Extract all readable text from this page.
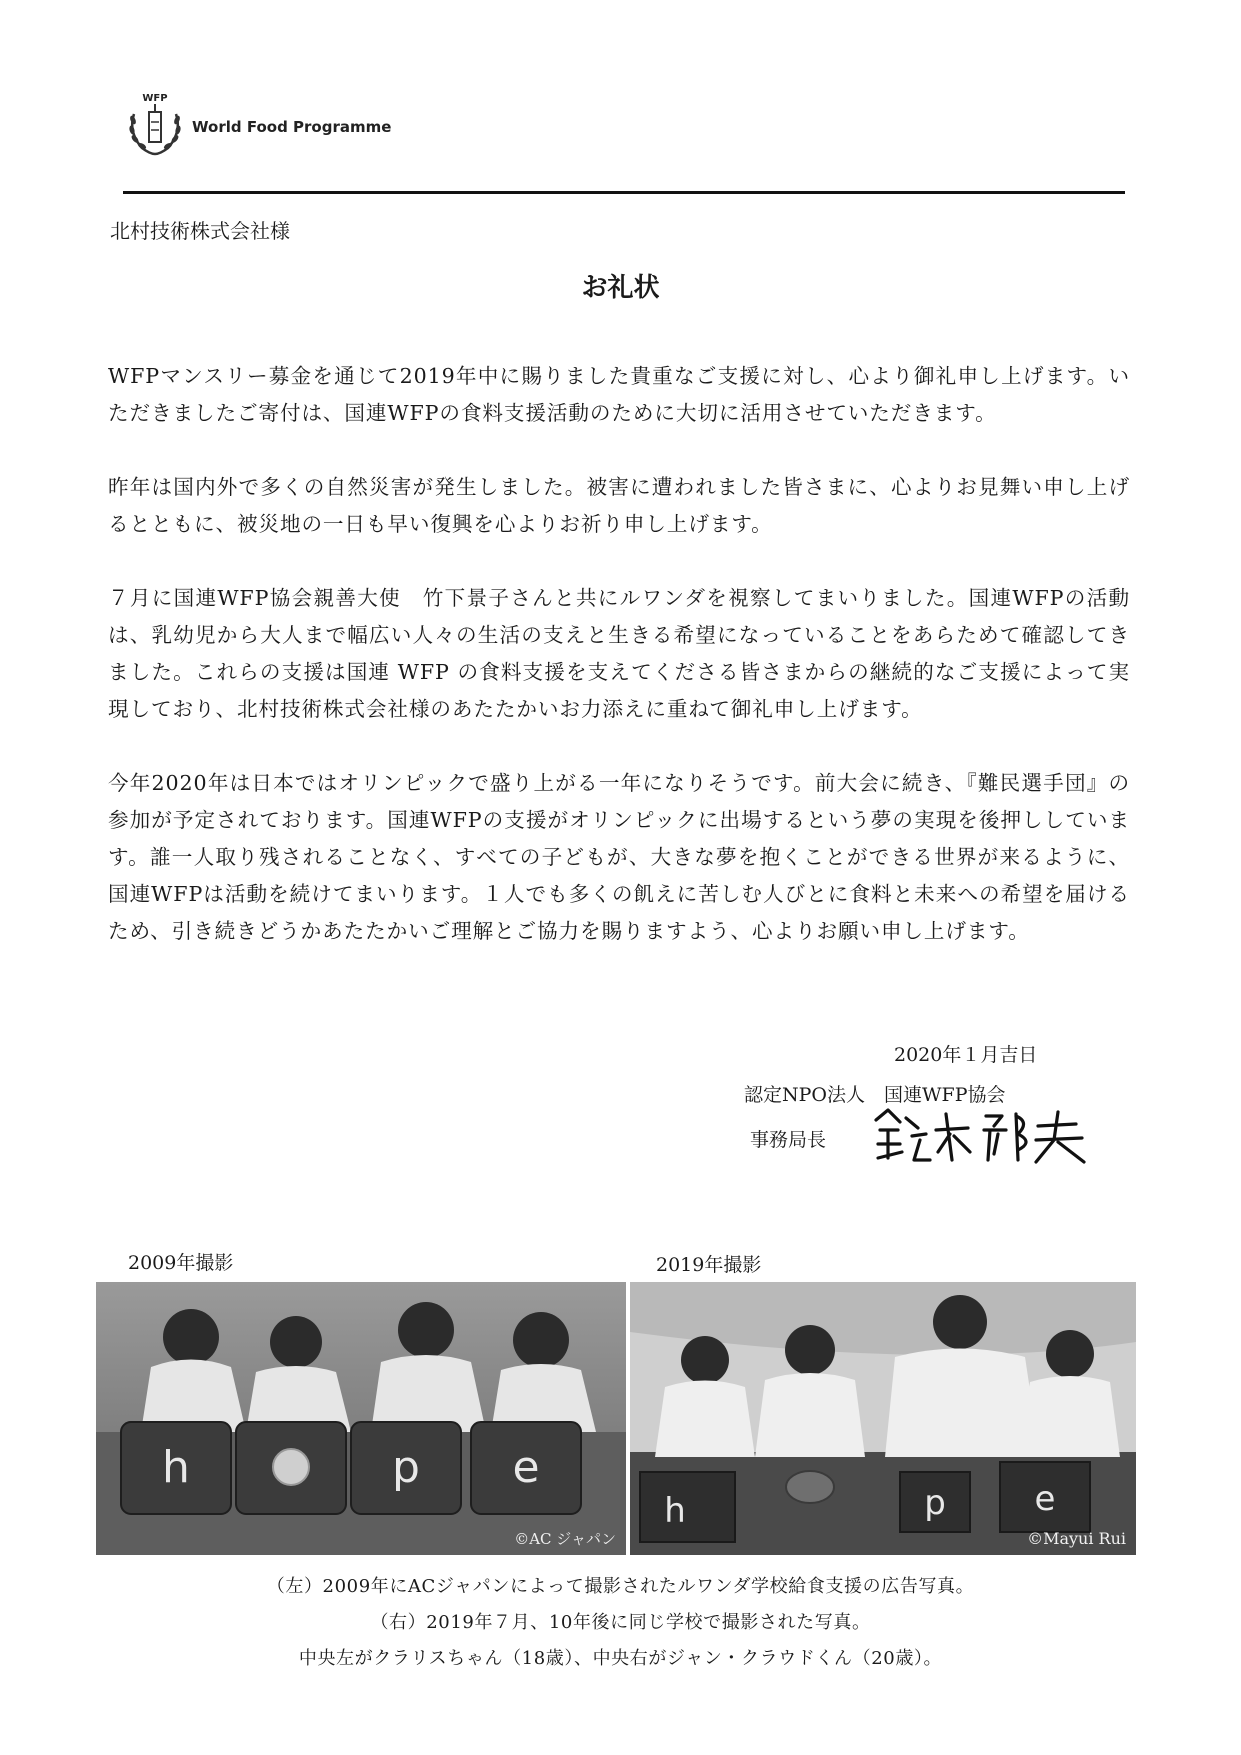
WFP
World Food Programme
北村技術株式会社様
お礼状

WFPマンスリー募金を通じて2019年中に賜りました貴重なご支援に対し、心より御礼申し上げます。いただきましたご寄付は、国連WFPの食料支援活動のために大切に活用させていただきます。

昨年は国内外で多くの自然災害が発生しました。被害に遭われました皆さまに、心よりお見舞い申し上げるとともに、被災地の一日も早い復興を心よりお祈り申し上げます。

７月に国連WFP協会親善大使　竹下景子さんと共にルワンダを視察してまいりました。国連WFPの活動は、乳幼児から大人まで幅広い人々の生活の支えと生きる希望になっていることをあらためて確認してきました。これらの支援は国連 WFP の食料支援を支えてくださる皆さまからの継続的なご支援によって実現しており、北村技術株式会社様のあたたかいお力添えに重ねて御礼申し上げます。

今年2020年は日本ではオリンピックで盛り上がる一年になりそうです。前大会に続き、『難民選手団』の参加が予定されております。国連WFPの支援がオリンピックに出場するという夢の実現を後押ししています。誰一人取り残されることなく、すべての子どもが、大きな夢を抱くことができる世界が来るように、国連WFPは活動を続けてまいります。１人でも多くの飢えに苦しむ人びとに食料と未来への希望を届けるため、引き続きどうかあたたかいご理解とご協力を賜りますよう、心よりお願い申し上げます。

2020年１月吉日
認定NPO法人　国連WFP協会
事務局長
2009年撮影	2019年撮影
h	p e
©AC ジャパン
h	p	e
©Mayui Rui
（左）2009年にACジャパンによって撮影されたルワンダ学校給食支援の広告写真。
（右）2019年７月、10年後に同じ学校で撮影された写真。
中央左がクラリスちゃん（18歳）、中央右がジャン・クラウドくん（20歳）。
